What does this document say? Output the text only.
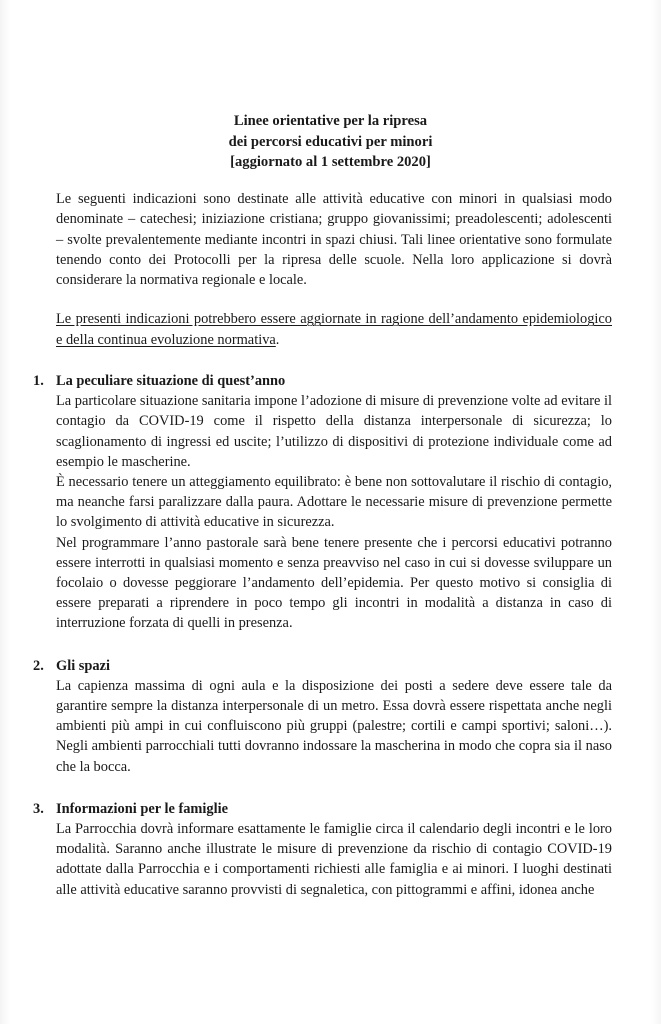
Linee orientative per la ripresa
dei percorsi educativi per minori
[aggiornato al 1 settembre 2020]

Le seguenti indicazioni sono destinate alle attività educative con minori in qualsiasi modo denominate – catechesi; iniziazione cristiana; gruppo giovanissimi; preadolescenti; adolescenti – svolte prevalentemente mediante incontri in spazi chiusi. Tali linee orientative sono formulate tenendo conto dei Protocolli per la ripresa delle scuole. Nella loro applicazione si dovrà considerare la normativa regionale e locale.

Le presenti indicazioni potrebbero essere aggiornate in ragione dell’andamento epidemiologico e della continua evoluzione normativa.

1. La peculiare situazione di quest’anno

La particolare situazione sanitaria impone l’adozione di misure di prevenzione volte ad evitare il contagio da COVID-19 come il rispetto della distanza interpersonale di sicurezza; lo scaglionamento di ingressi ed uscite; l’utilizzo di dispositivi di protezione individuale come ad esempio le mascherine.

È necessario tenere un atteggiamento equilibrato: è bene non sottovalutare il rischio di contagio, ma neanche farsi paralizzare dalla paura. Adottare le necessarie misure di prevenzione permette lo svolgimento di attività educative in sicurezza.

Nel programmare l’anno pastorale sarà bene tenere presente che i percorsi educativi potranno essere interrotti in qualsiasi momento e senza preavviso nel caso in cui si dovesse sviluppare un focolaio o dovesse peggiorare l’andamento dell’epidemia. Per questo motivo si consiglia di essere preparati a riprendere in poco tempo gli incontri in modalità a distanza in caso di interruzione forzata di quelli in presenza.

2. Gli spazi

La capienza massima di ogni aula e la disposizione dei posti a sedere deve essere tale da garantire sempre la distanza interpersonale di un metro. Essa dovrà essere rispettata anche negli ambienti più ampi in cui confluiscono più gruppi (palestre; cortili e campi sportivi; saloni…). Negli ambienti parrocchiali tutti dovranno indossare la mascherina in modo che copra sia il naso che la bocca.

3. Informazioni per le famiglie

La Parrocchia dovrà informare esattamente le famiglie circa il calendario degli incontri e le loro modalità. Saranno anche illustrate le misure di prevenzione da rischio di contagio COVID-19 adottate dalla Parrocchia e i comportamenti richiesti alle famiglia e ai minori. I luoghi destinati alle attività educative saranno provvisti di segnaletica, con pittogrammi e affini, idonea anche
